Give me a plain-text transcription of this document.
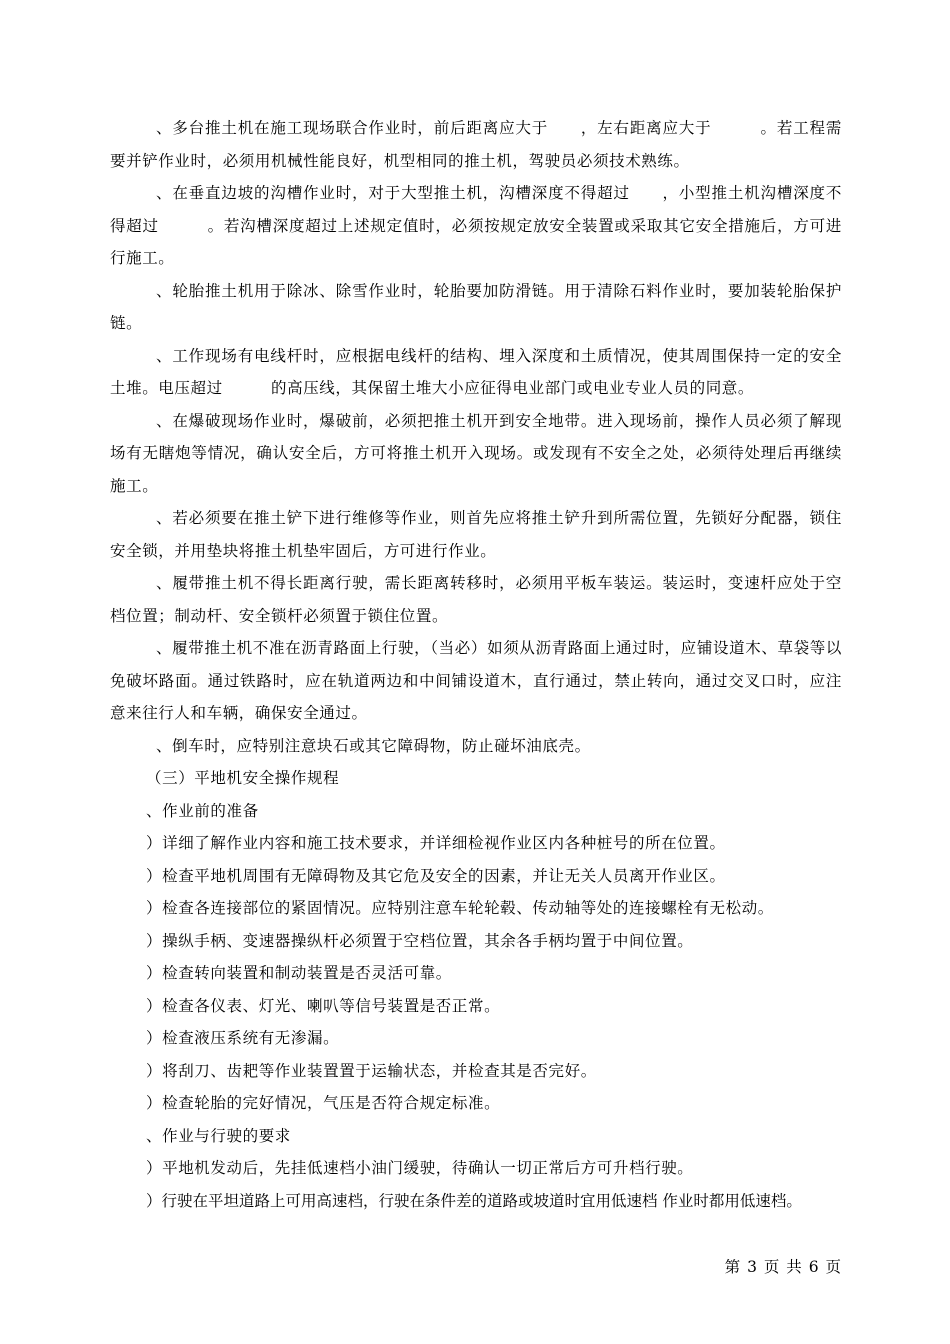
、多台推土机在施工现场联合作业时，前后距离应大于　　，左右距离应大于　　　。若工程需要并铲作业时，必须用机械性能良好，机型相同的推土机，驾驶员必须技术熟练。

、在垂直边坡的沟槽作业时，对于大型推土机，沟槽深度不得超过　　，小型推土机沟槽深度不得超过　　　。若沟槽深度超过上述规定值时，必须按规定放安全装置或采取其它安全措施后，方可进行施工。

、轮胎推土机用于除冰、除雪作业时，轮胎要加防滑链。用于清除石料作业时，要加装轮胎保护链。

、工作现场有电线杆时，应根据电线杆的结构、埋入深度和土质情况，使其周围保持一定的安全土堆。电压超过　　　的高压线，其保留土堆大小应征得电业部门或电业专业人员的同意。

、在爆破现场作业时，爆破前，必须把推土机开到安全地带。进入现场前，操作人员必须了解现场有无瞎炮等情况，确认安全后，方可将推土机开入现场。或发现有不安全之处，必须待处理后再继续施工。

、若必须要在推土铲下进行维修等作业，则首先应将推土铲升到所需位置，先锁好分配器，锁住安全锁，并用垫块将推土机垫牢固后，方可进行作业。

、履带推土机不得长距离行驶，需长距离转移时，必须用平板车装运。装运时，变速杆应处于空档位置；制动杆、安全锁杆必须置于锁住位置。

、履带推土机不准在沥青路面上行驶，（当必）如须从沥青路面上通过时，应铺设道木、草袋等以免破坏路面。通过铁路时，应在轨道两边和中间铺设道木，直行通过，禁止转向，通过交叉口时，应注意来往行人和车辆，确保安全通过。

、倒车时，应特别注意块石或其它障碍物，防止碰坏油底壳。

（三）平地机安全操作规程

、作业前的准备

）详细了解作业内容和施工技术要求，并详细检视作业区内各种桩号的所在位置。

）检查平地机周围有无障碍物及其它危及安全的因素，并让无关人员离开作业区。

）检查各连接部位的紧固情况。应特别注意车轮轮毂、传动轴等处的连接螺栓有无松动。

）操纵手柄、变速器操纵杆必须置于空档位置，其余各手柄均置于中间位置。

）检查转向装置和制动装置是否灵活可靠。

）检查各仪表、灯光、喇叭等信号装置是否正常。

）检查液压系统有无渗漏。

）将刮刀、齿耙等作业装置置于运输状态，并检查其是否完好。

）检查轮胎的完好情况，气压是否符合规定标准。

、作业与行驶的要求

）平地机发动后，先挂低速档小油门缓驶，待确认一切正常后方可升档行驶。

）行驶在平坦道路上可用高速档，行驶在条件差的道路或坡道时宜用低速档 作业时都用低速档。

第 3 页 共 6 页
